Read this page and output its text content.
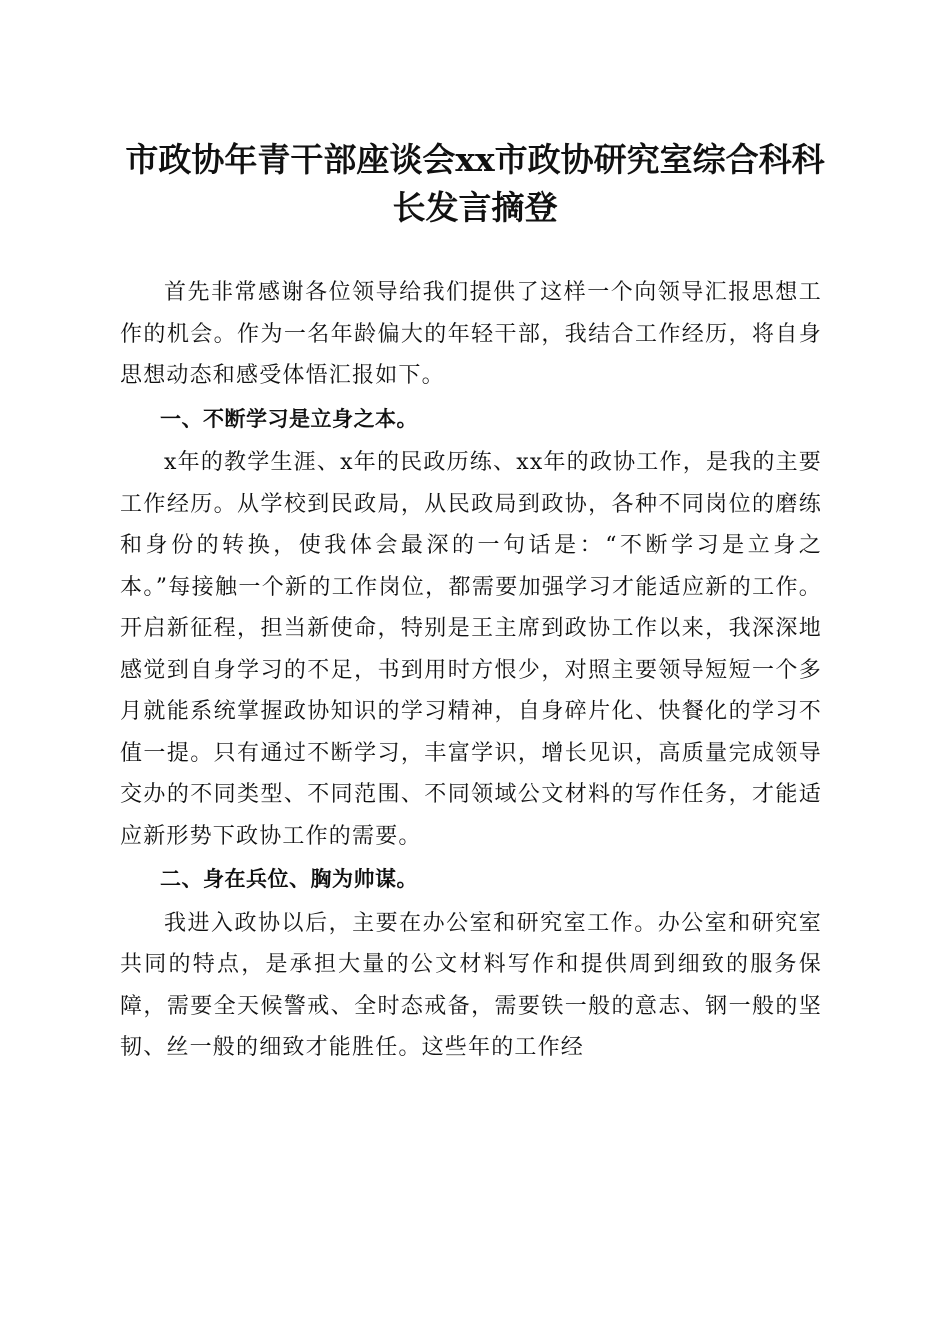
市政协年青干部座谈会xx市政协研究室综合科科长发言摘登

首先非常感谢各位领导给我们提供了这样一个向领导汇报思想工作的机会。作为一名年龄偏大的年轻干部，我结合工作经历，将自身思想动态和感受体悟汇报如下。

一、不断学习是立身之本。

x年的教学生涯、x年的民政历练、xx年的政协工作，是我的主要工作经历。从学校到民政局，从民政局到政协，各种不同岗位的磨练和身份的转换，使我体会最深的一句话是：“不断学习是立身之本。”每接触一个新的工作岗位，都需要加强学习才能适应新的工作。开启新征程，担当新使命，特别是王主席到政协工作以来，我深深地感觉到自身学习的不足，书到用时方恨少，对照主要领导短短一个多月就能系统掌握政协知识的学习精神，自身碎片化、快餐化的学习不值一提。只有通过不断学习，丰富学识，增长见识，高质量完成领导交办的不同类型、不同范围、不同领域公文材料的写作任务，才能适应新形势下政协工作的需要。

二、身在兵位、胸为帅谋。

我进入政协以后，主要在办公室和研究室工作。办公室和研究室共同的特点，是承担大量的公文材料写作和提供周到细致的服务保障，需要全天候警戒、全时态戒备，需要铁一般的意志、钢一般的坚韧、丝一般的细致才能胜任。这些年的工作经
